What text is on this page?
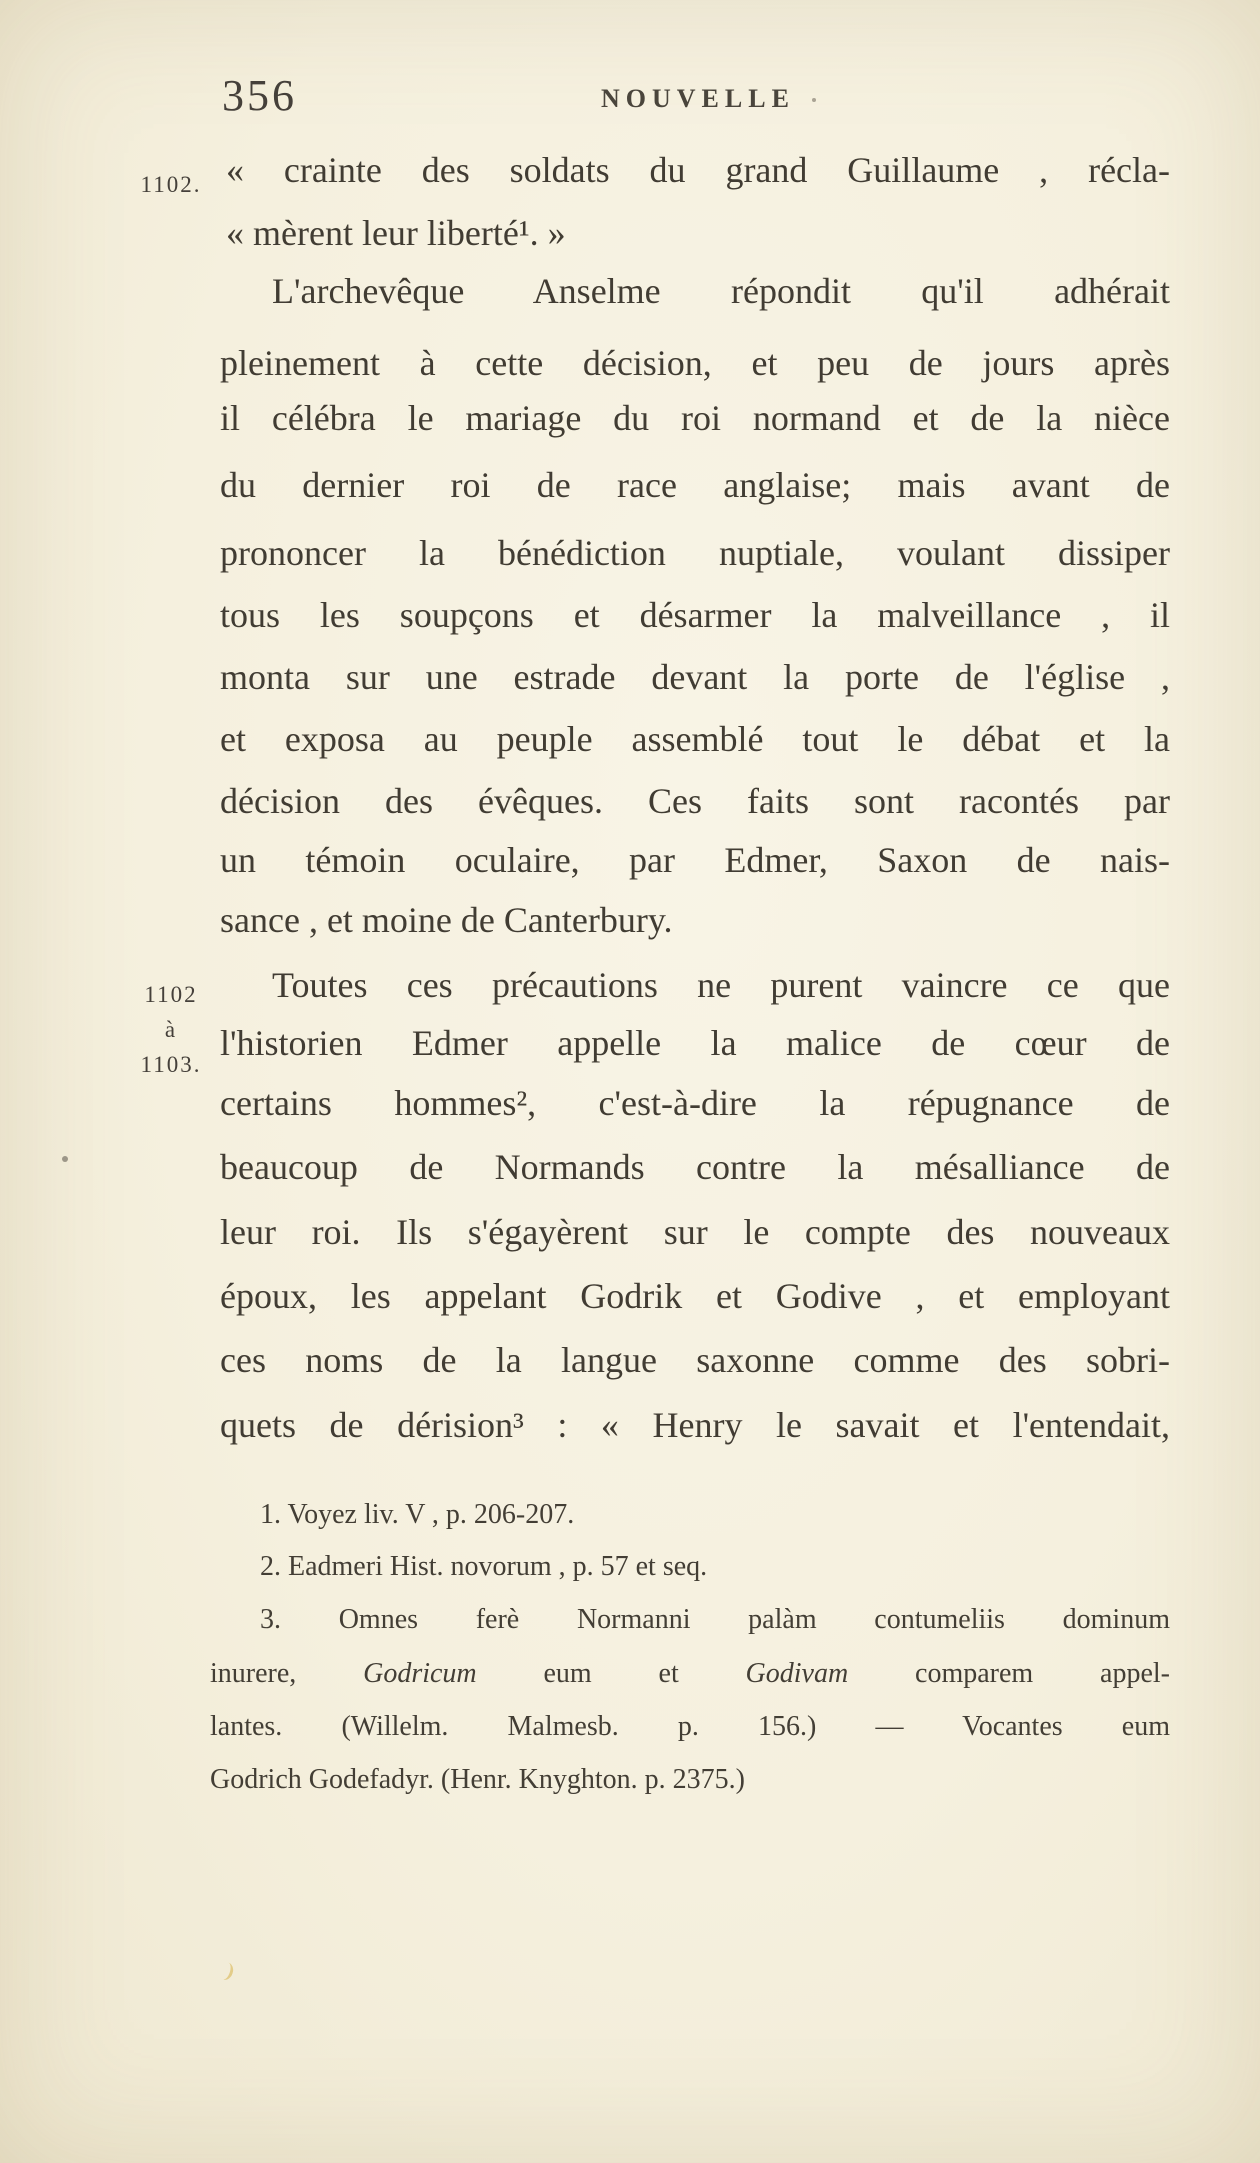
356	NOUVELLE
1102.
1102
à
1103.
« crainte des soldats du grand Guillaume , récla-
« mèrent leur liberté¹. »
L'archevêque Anselme répondit qu'il adhérait
pleinement à cette décision, et peu de jours après
il célébra le mariage du roi normand et de la nièce
du dernier roi de race anglaise; mais avant de
prononcer la bénédiction nuptiale, voulant dissiper
tous les soupçons et désarmer la malveillance , il
monta sur une estrade devant la porte de l'église ,
et exposa au peuple assemblé tout le débat et la
décision des évêques. Ces faits sont racontés par
un témoin oculaire, par Edmer, Saxon de nais-
sance , et moine de Canterbury.
Toutes ces précautions ne purent vaincre ce que
l'historien Edmer appelle la malice de cœur de
certains hommes², c'est-à-dire la répugnance de
beaucoup de Normands contre la mésalliance de
leur roi. Ils s'égayèrent sur le compte des nouveaux
époux, les appelant Godrik et Godive , et employant
ces noms de la langue saxonne comme des sobri-
quets de dérision³ : « Henry le savait et l'entendait,
1. Voyez liv. V , p. 206-207.
2. Eadmeri Hist. novorum , p. 57 et seq.
3. Omnes ferè Normanni palàm contumeliis dominum
inurere, Godricum eum et Godivam comparem appel-
lantes. (Willelm. Malmesb. p. 156.) — Vocantes eum
Godrich Godefadyr. (Henr. Knyghton. p. 2375.)
